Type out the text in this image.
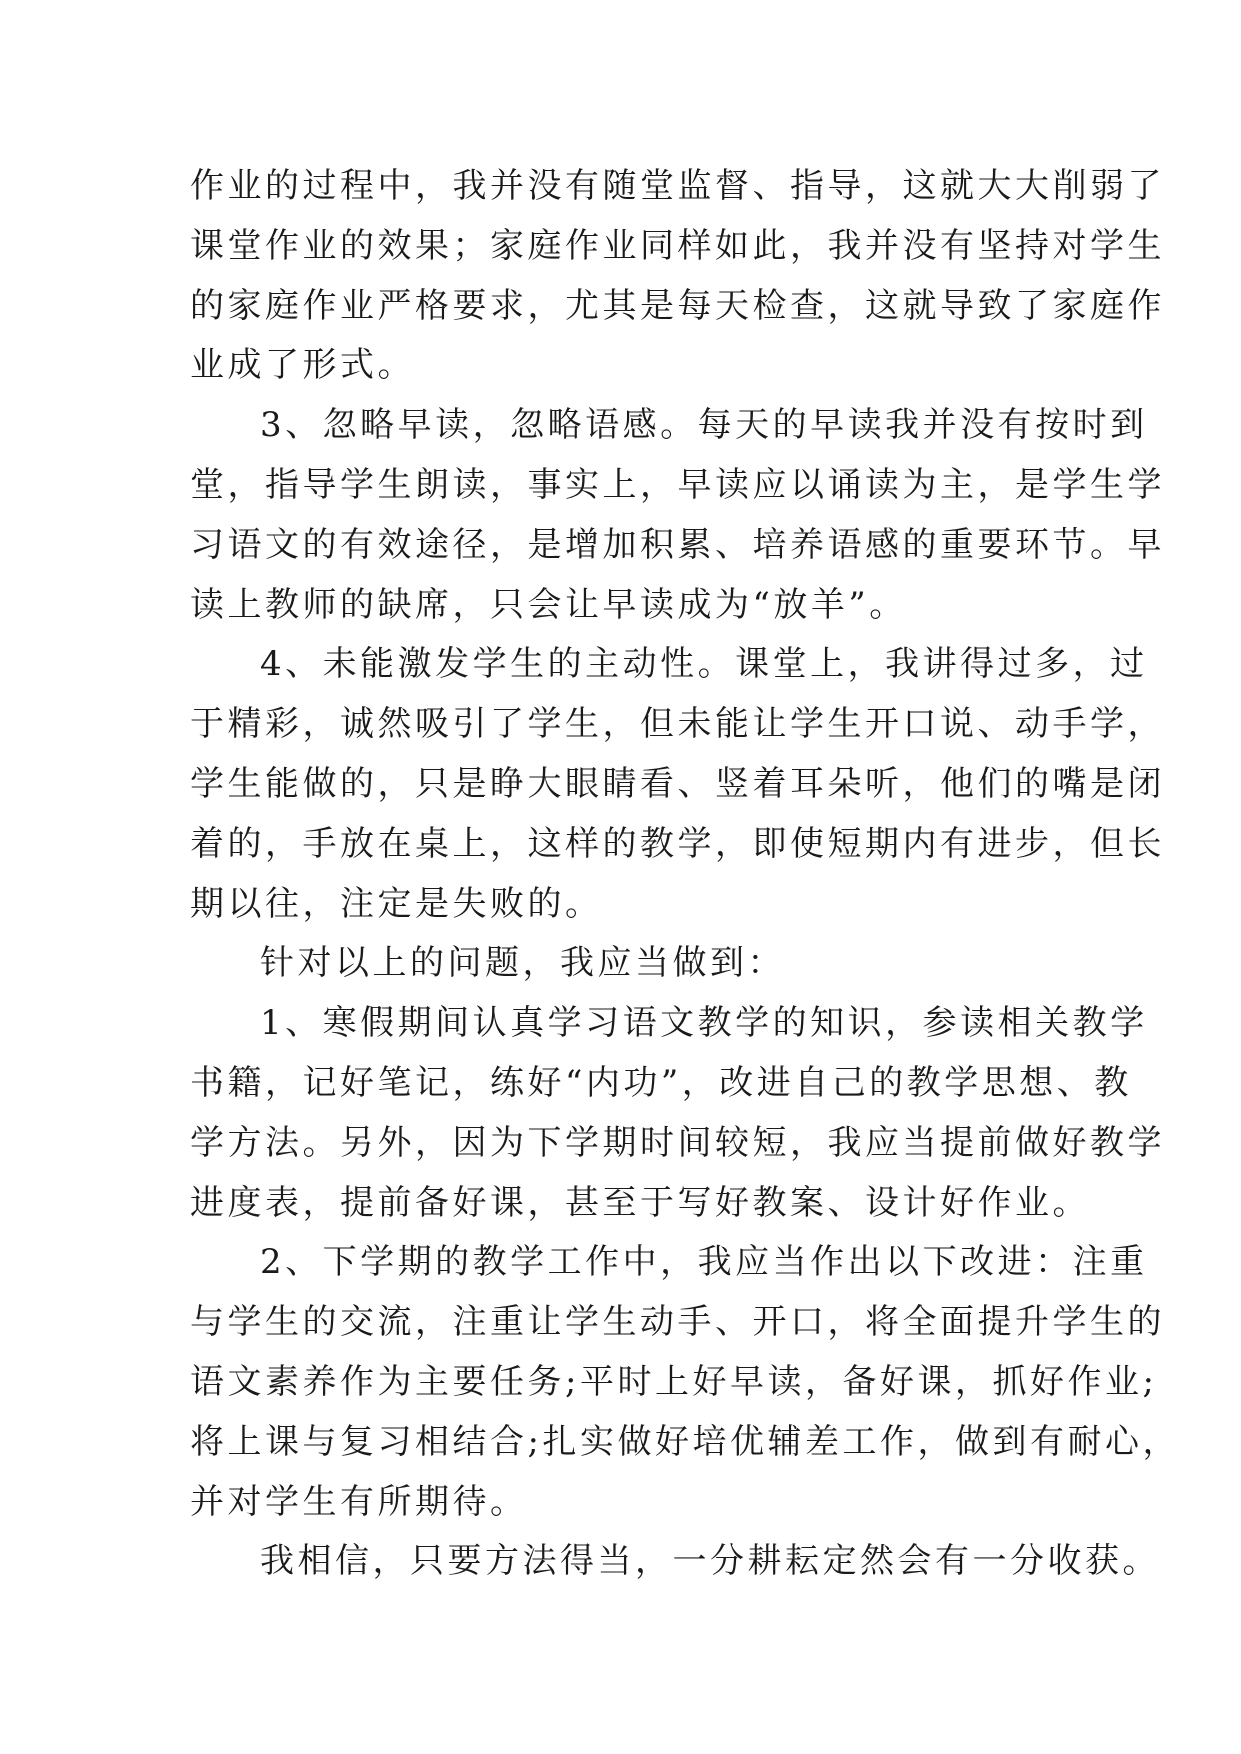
作业的过程中，我并没有随堂监督、指导，这就大大削弱了
课堂作业的效果；家庭作业同样如此，我并没有坚持对学生
的家庭作业严格要求，尤其是每天检查，这就导致了家庭作
业成了形式。
3、忽略早读，忽略语感。每天的早读我并没有按时到
堂，指导学生朗读，事实上，早读应以诵读为主，是学生学
习语文的有效途径，是增加积累、培养语感的重要环节。早
读上教师的缺席，只会让早读成为“放羊”。
4、未能激发学生的主动性。课堂上，我讲得过多，过
于精彩，诚然吸引了学生，但未能让学生开口说、动手学，
学生能做的，只是睁大眼睛看、竖着耳朵听，他们的嘴是闭
着的，手放在桌上，这样的教学，即使短期内有进步，但长
期以往，注定是失败的。
针对以上的问题，我应当做到：
1、寒假期间认真学习语文教学的知识，参读相关教学
书籍，记好笔记，练好“内功”，改进自己的教学思想、教
学方法。另外，因为下学期时间较短，我应当提前做好教学
进度表，提前备好课，甚至于写好教案、设计好作业。
2、下学期的教学工作中，我应当作出以下改进：注重
与学生的交流，注重让学生动手、开口，将全面提升学生的
语文素养作为主要任务;平时上好早读，备好课，抓好作业;
将上课与复习相结合;扎实做好培优辅差工作，做到有耐心，
并对学生有所期待。
我相信，只要方法得当，一分耕耘定然会有一分收获。
